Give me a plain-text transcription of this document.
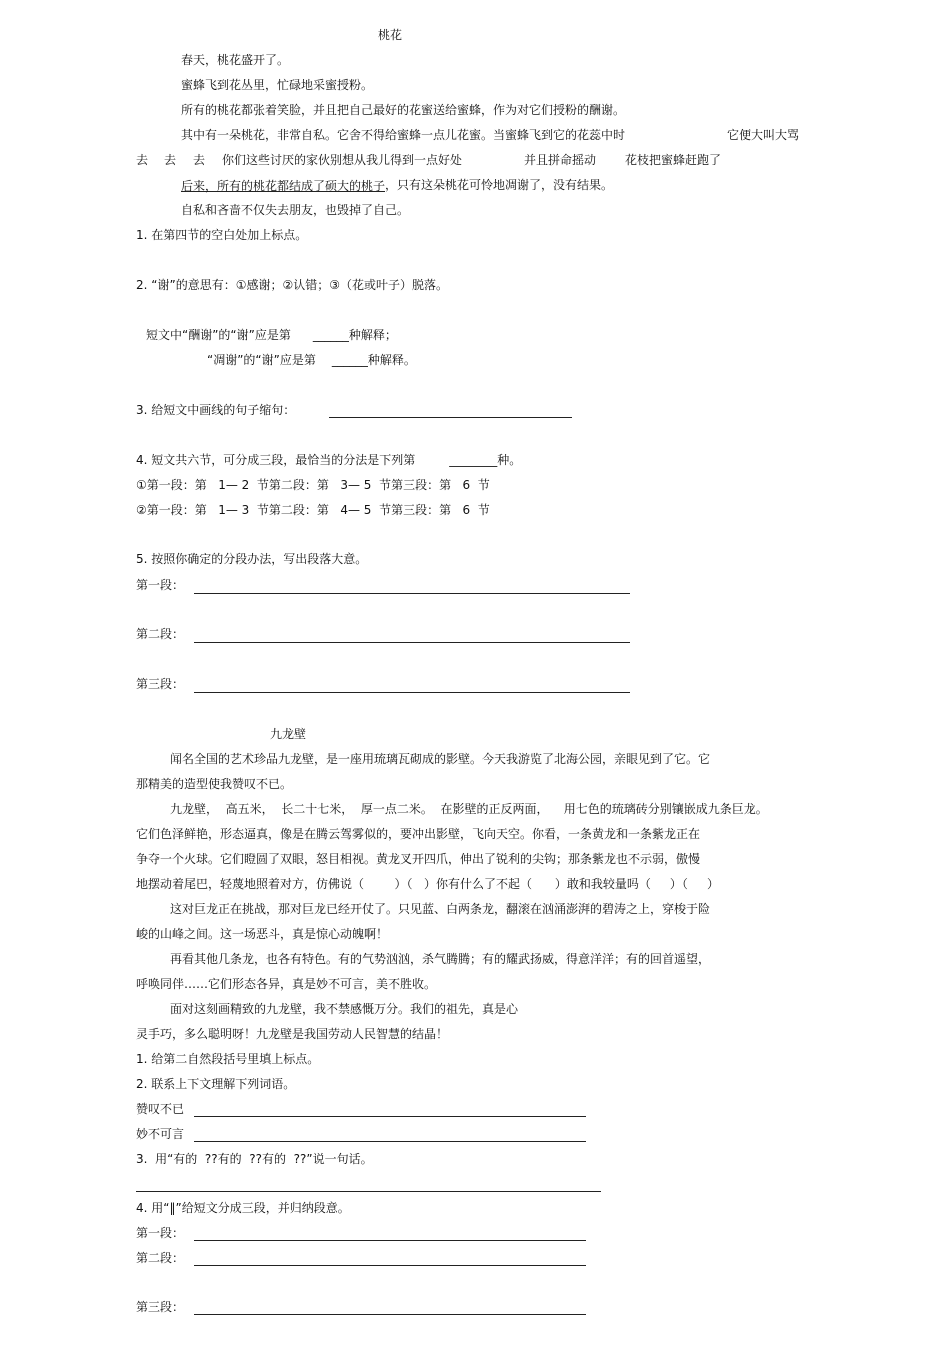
桃花
春天，桃花盛开了。
蜜蜂飞到花丛里，忙碌地采蜜授粉。
所有的桃花都张着笑脸，并且把自己最好的花蜜送给蜜蜂，作为对它们授粉的酬谢。
其中有一朵桃花，非常自私。它舍不得给蜜蜂一点儿花蜜。当蜜蜂飞到它的花蕊中时	它便大叫大骂
去 去 去 你们这些讨厌的家伙别想从我儿得到一点好处	并且拼命摇动 花枝把蜜蜂赶跑了
后来，所有的桃花都结成了硕大的桃子，只有这朵桃花可怜地凋谢了，没有结果。
自私和吝啬不仅失去朋友，也毁掉了自己。
1. 在第四节的空白处加上标点。
2. “谢”的意思有：①感谢；②认错；③（花或叶子）脱落。
短文中“酬谢”的“谢”应是第 ______种解释；
“凋谢”的“谢”应是第 ______种解释。
3. 给短文中画线的句子缩句：
4. 短文共六节，可分成三段，最恰当的分法是下列第	________种。
①第一段：第   1— 2  节第二段：第   3— 5  节第三段：第   6  节
②第一段：第   1— 3  节第二段：第   4— 5  节第三段：第   6  节
5. 按照你确定的分段办法，写出段落大意。
第一段：
第二段：
第三段：
九龙壁
闻名全国的艺术珍品九龙壁，是一座用琉璃瓦砌成的影壁。今天我游览了北海公园，亲眼见到了它。它
那精美的造型使我赞叹不已。
九龙壁，  高五米，  长二十七米，  厚一点二米。  在影壁的正反两面，    用七色的琉璃砖分别镶嵌成九条巨龙。
它们色泽鲜艳，形态逼真，像是在腾云驾雾似的，要冲出影壁，飞向天空。你看，一条黄龙和一条紫龙正在
争夺一个火球。它们瞪圆了双眼，怒目相视。黄龙叉开四爪，伸出了锐利的尖钩；那条紫龙也不示弱，傲慢
地摆动着尾巴，轻蔑地照着对方，仿佛说（        ）（   ）你有什么了不起（      ）敢和我较量吗（     ）（     ）
这对巨龙正在挑战，那对巨龙已经开仗了。只见蓝、白两条龙，翻滚在汹涌澎湃的碧涛之上，穿梭于险
峻的山峰之间。这一场恶斗，真是惊心动魄啊！
再看其他几条龙，也各有特色。有的气势汹汹，杀气腾腾；有的耀武扬威，得意洋洋；有的回首遥望，
呼唤同伴……它们形态各异，真是妙不可言，美不胜收。
面对这刻画精致的九龙壁，我不禁感慨万分。我们的祖先，真是心
灵手巧，多么聪明呀！九龙壁是我国劳动人民智慧的结晶！
1. 给第二自然段括号里填上标点。
2. 联系上下文理解下列词语。
赞叹不已
妙不可言
3.  用“有的  ??有的  ??有的  ??”说一句话。
4. 用“‖”给短文分成三段，并归纳段意。
第一段：
第二段：
第三段：
